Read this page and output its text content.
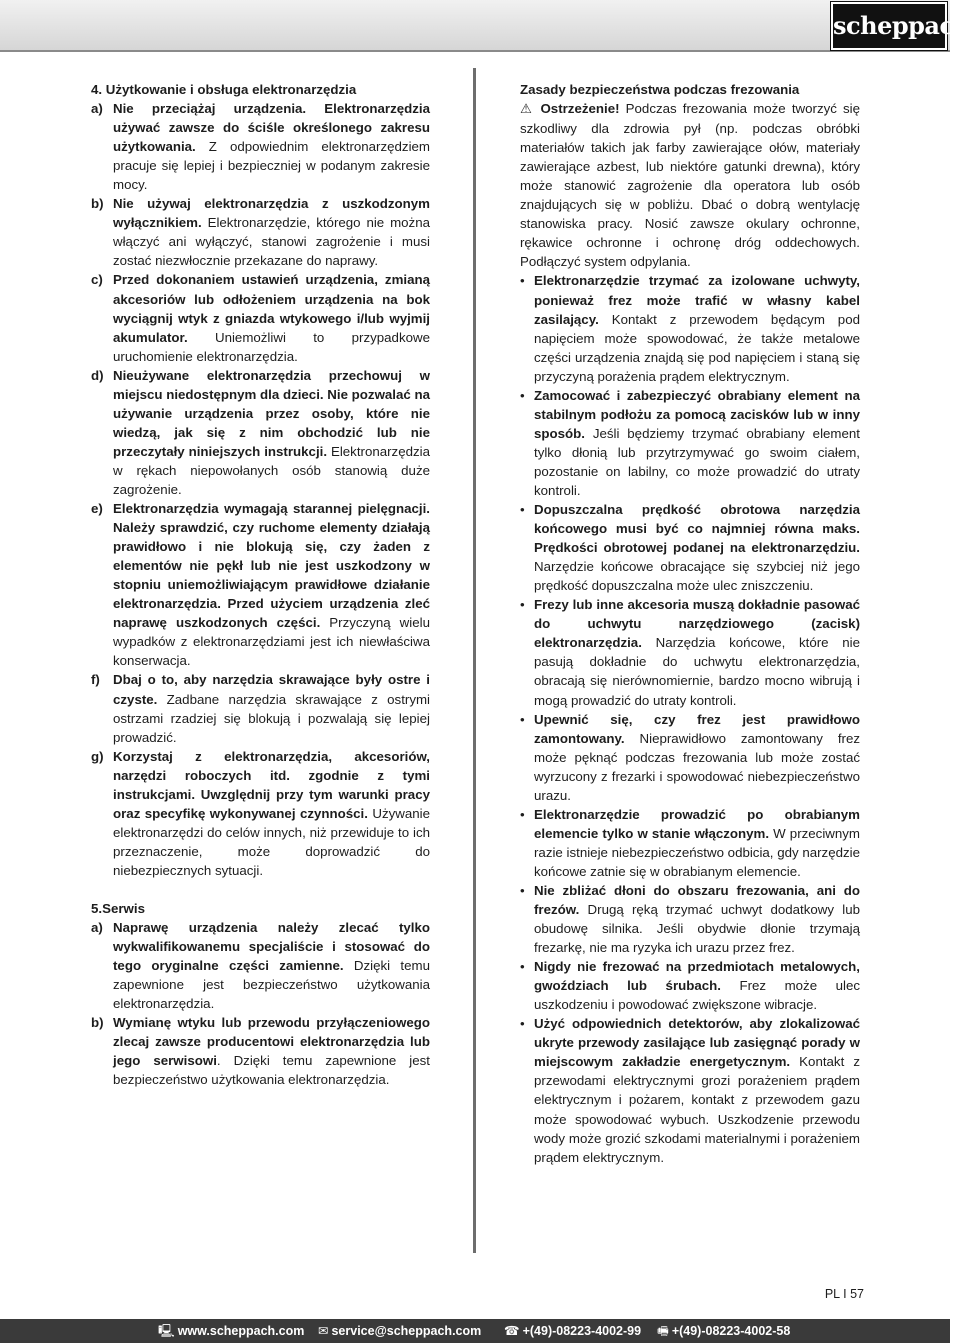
scheppach

4. Użytkowanie i obsługa elektronarzędzia

a) Nie przeciążaj urządzenia. Elektronarzędzia używać zawsze do ściśle określonego zakresu użytkowania. Z odpowiednim elektronarzędziem pracuje się lepiej i bezpieczniej w podanym zakresie mocy.
b) Nie używaj elektronarzędzia z uszkodzonym wyłącznikiem. Elektronarzędzie, którego nie można włączyć ani wyłączyć, stanowi zagrożenie i musi zostać niezwłocznie przekazane do naprawy.
c) Przed dokonaniem ustawień urządzenia, zmianą akcesoriów lub odłożeniem urządzenia na bok wyciągnij wtyk z gniazda wtykowego i/lub wyjmij akumulator. Uniemożliwi to przypadkowe uruchomienie elektronarzędzia.
d) Nieużywane elektronarzędzia przechowuj w miejscu niedostępnym dla dzieci. Nie pozwalać na używanie urządzenia przez osoby, które nie wiedzą, jak się z nim obchodzić lub nie przeczytały niniejszych instrukcji. Elektronarzędzia w rękach niepowołanych osób stanowią duże zagrożenie.
e) Elektronarzędzia wymagają starannej pielęgnacji. Należy sprawdzić, czy ruchome elementy działają prawidłowo i nie blokują się, czy żaden z elementów nie pękł lub nie jest uszkodzony w stopniu uniemożliwiającym prawidłowe działanie elektronarzędzia. Przed użyciem urządzenia zleć naprawę uszkodzonych części. Przyczyną wielu wypadków z elektronarzędziami jest ich niewłaściwa konserwacja.
f) Dbaj o to, aby narzędzia skrawające były ostre i czyste. Zadbane narzędzia skrawające z ostrymi ostrzami rzadziej się blokują i pozwalają się lepiej prowadzić.
g) Korzystaj z elektronarzędzia, akcesoriów, narzędzi roboczych itd. zgodnie z tymi instrukcjami. Uwzględnij przy tym warunki pracy oraz specyfikę wykonywanej czynności. Używanie elektronarzędzi do celów innych, niż przewiduje to ich przeznaczenie, może doprowadzić do niebezpiecznych sytuacji.

5.Serwis

a) Naprawę urządzenia należy zlecać tylko wykwalifikowanemu specjaliście i stosować do tego oryginalne części zamienne. Dzięki temu zapewnione jest bezpieczeństwo użytkowania elektronarzędzia.
b) Wymianę wtyku lub przewodu przyłączeniowego zlecaj zawsze producentowi elektronarzędzia lub jego serwisowi. Dzięki temu zapewnione jest bezpieczeństwo użytkowania elektronarzędzia.

Zasady bezpieczeństwa podczas frezowania

⚠ Ostrzeżenie! Podczas frezowania może tworzyć się szkodliwy dla zdrowia pył (np. podczas obróbki materiałów takich jak farby zawierające ołów, materiały zawierające azbest, lub niektóre gatunki drewna), który może stanowić zagrożenie dla operatora lub osób znajdujących się w pobliżu. Dbać o dobrą wentylację stanowiska pracy. Nosić zawsze okulary ochronne, rękawice ochronne i ochronę dróg oddechowych. Podłączyć system odpylania.

• Elektronarzędzie trzymać za izolowane uchwyty, ponieważ frez może trafić w własny kabel zasilający. Kontakt z przewodem będącym pod napięciem może spowodować, że także metalowe części urządzenia znajdą się pod napięciem i staną się przyczyną porażenia prądem elektrycznym.
• Zamocować i zabezpieczyć obrabiany element na stabilnym podłożu za pomocą zacisków lub w inny sposób. Jeśli będziemy trzymać obrabiany element tylko dłonią lub przytrzymywać go swoim ciałem, pozostanie on labilny, co może prowadzić do utraty kontroli.
• Dopuszczalna prędkość obrotowa narzędzia końcowego musi być co najmniej równa maks. Prędkości obrotowej podanej na elektronarzędziu. Narzędzie końcowe obracające się szybciej niż jego prędkość dopuszczalna może ulec zniszczeniu.
• Frezy lub inne akcesoria muszą dokładnie pasować do uchwytu narzędziowego (zacisk) elektronarzędzia. Narzędzia końcowe, które nie pasują dokładnie do uchwytu elektronarzędzia, obracają się nierównomiernie, bardzo mocno wibrują i mogą prowadzić do utraty kontroli.
• Upewnić się, czy frez jest prawidłowo zamontowany. Nieprawidłowo zamontowany frez może pęknąć podczas frezowania lub może zostać wyrzucony z frezarki i spowodować niebezpieczeństwo urazu.
• Elektronarzędzie prowadzić po obrabianym elemencie tylko w stanie włączonym. W przeciwnym razie istnieje niebezpieczeństwo odbicia, gdy narzędzie końcowe zatnie się w obrabianym elemencie.
• Nie zbliżać dłoni do obszaru frezowania, ani do frezów. Drugą ręką trzymać uchwyt dodatkowy lub obudowę silnika. Jeśli obydwie dłonie trzymają frezarkę, nie ma ryzyka ich urazu przez frez.
• Nigdy nie frezować na przedmiotach metalowych, gwoździach lub śrubach. Frez może ulec uszkodzeniu i powodować zwiększone wibracje.
• Użyć odpowiednich detektorów, aby zlokalizować ukryte przewody zasilające lub zasięgnąć porady w miejscowym zakładzie energetycznym. Kontakt z przewodami elektrycznymi grozi porażeniem prądem elektrycznym i pożarem, kontakt z przewodem gazu może spowodować wybuch. Uszkodzenie przewodu wody może grozić szkodami materialnymi i porażeniem prądem elektrycznym.
PL I 57
🖳 www.scheppach.com ✉ service@scheppach.com ☎ +(49)-08223-4002-99 🖷 +(49)-08223-4002-58
